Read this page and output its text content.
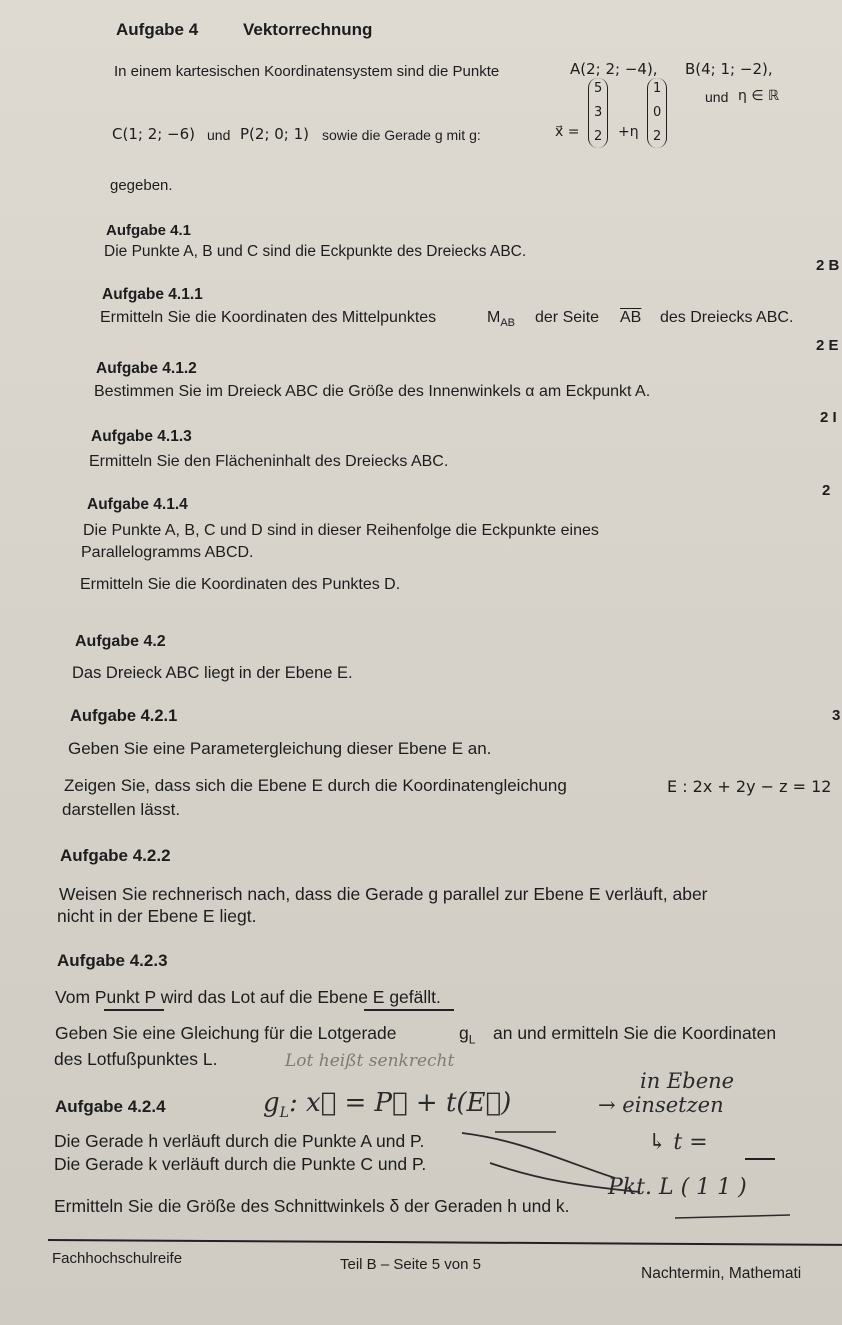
Aufgabe 4	Vektorrechnung
In einem kartesischen Koordinatensystem sind die Punkte	A(2; 2; −4), B(4; 1; −2),
C(1; 2; −6) und P(2; 0; 1) sowie die Gerade g mit g:	x⃗ =
5
3
2 +η
1
0
2
und η ∈ ℝ
gegeben.
Aufgabe 4.1
Die Punkte A, B und C sind die Eckpunkte des Dreiecks ABC.
2 B
Aufgabe 4.1.1
Ermitteln Sie die Koordinaten des Mittelpunktes	$M_{AB}$ der Seite $\overline{AB}$ des Dreiecks ABC.
2 E
Aufgabe 4.1.2
Bestimmen Sie im Dreieck ABC die Größe des Innenwinkels α am Eckpunkt A.
2 I
Aufgabe 4.1.3
Ermitteln Sie den Flächeninhalt des Dreiecks ABC.
2
Aufgabe 4.1.4
Die Punkte A, B, C und D sind in dieser Reihenfolge die Eckpunkte eines
Parallelogramms ABCD.
Ermitteln Sie die Koordinaten des Punktes D.
Aufgabe 4.2
Das Dreieck ABC liegt in der Ebene E.
Aufgabe 4.2.1	3
Geben Sie eine Parametergleichung dieser Ebene E an.
Zeigen Sie, dass sich die Ebene E durch die Koordinatengleichung	E : 2x + 2y − z = 12
darstellen lässt.
Aufgabe 4.2.2
Weisen Sie rechnerisch nach, dass die Gerade g parallel zur Ebene E verläuft, aber
nicht in der Ebene E liegt.
Aufgabe 4.2.3
Vom Punkt P wird das Lot auf die Ebene E gefällt.
Geben Sie eine Gleichung für die Lotgerade	$g_L$ an und ermitteln Sie die Koordinaten
des Lotfußpunktes L.
Aufgabe 4.2.4
Die Gerade h verläuft durch die Punkte A und P.
Die Gerade k verläuft durch die Punkte C und P.
Ermitteln Sie die Größe des Schnittwinkels δ der Geraden h und k.
Lot heißt senkrecht
$g_L$: x⃗ = P⃗ + t(E⃗)
in Ebene
→ einsetzen
↳ t =
Pkt. L ( 1 1 )
Fachhochschulreife	Teil B – Seite 5 von 5
Nachtermin, Mathemati
